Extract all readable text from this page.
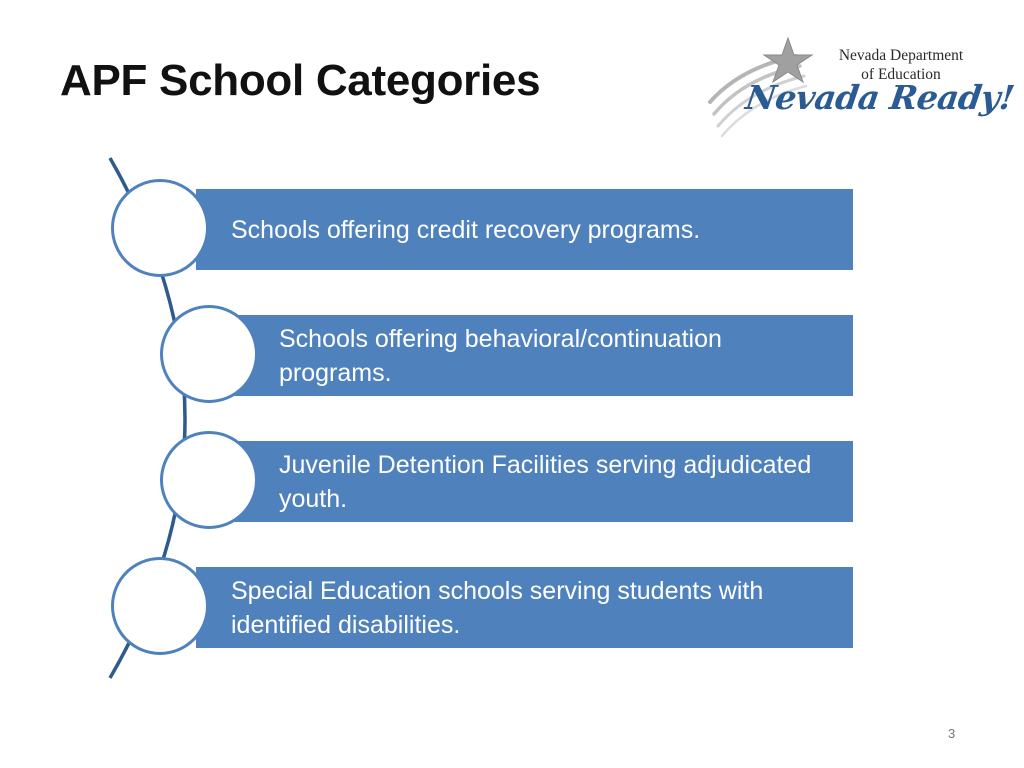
APF School Categories
Nevada Department
of Education
Nevada Ready!
Schools offering credit recovery programs.
Schools offering behavioral/continuation programs.
Juvenile Detention Facilities serving adjudicated youth.
Special Education schools serving students with identified disabilities.
3
